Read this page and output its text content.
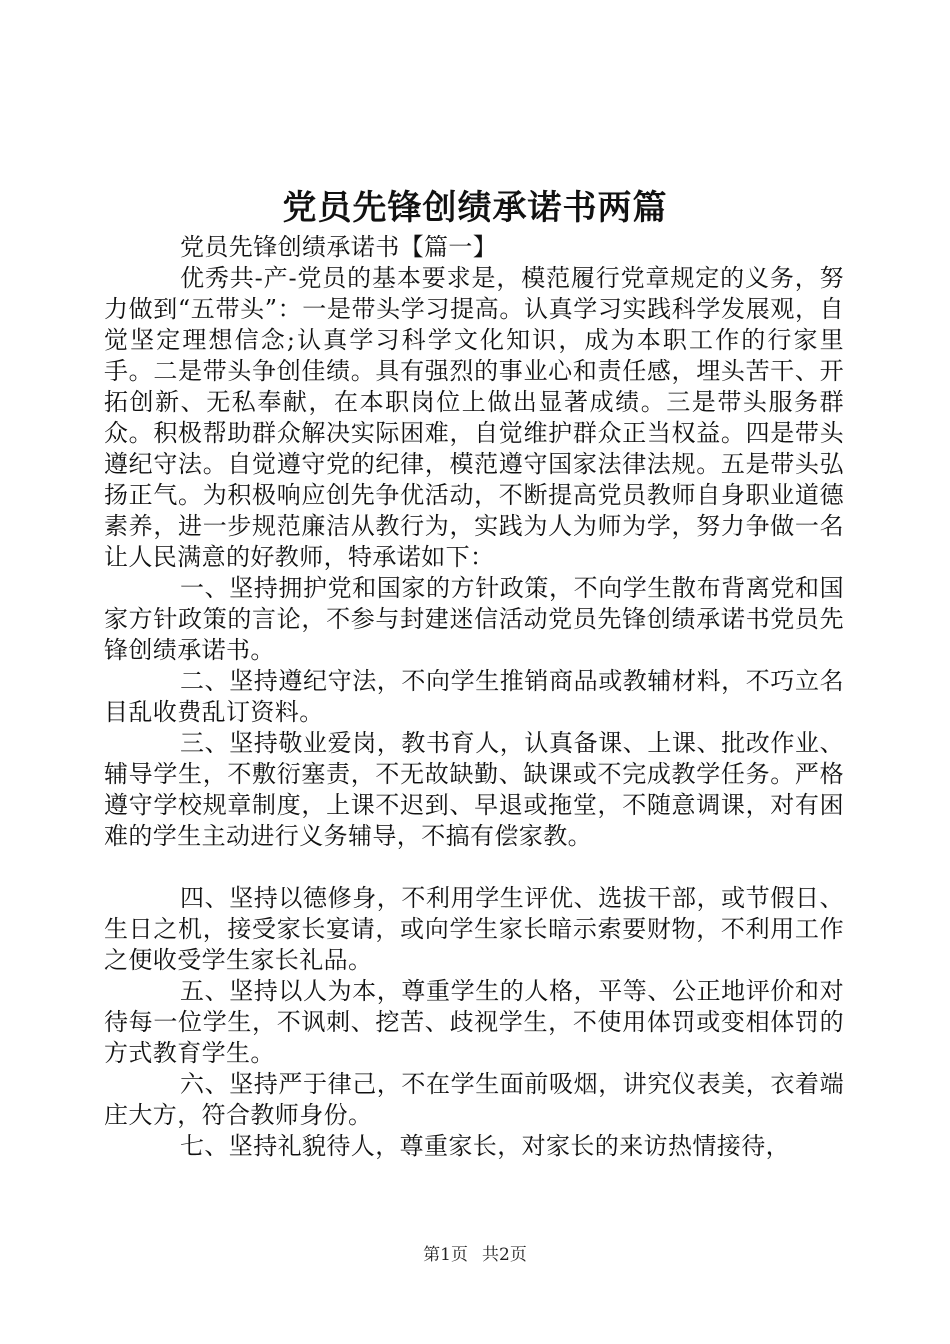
党员先锋创绩承诺书两篇

党员先锋创绩承诺书【篇一】

优秀共-产-党员的基本要求是，模范履行党章规定的义务，努力做到“五带头”：一是带头学习提高。认真学习实践科学发展观，自觉坚定理想信念;认真学习科学文化知识，成为本职工作的行家里手。二是带头争创佳绩。具有强烈的事业心和责任感，埋头苦干、开拓创新、无私奉献，在本职岗位上做出显著成绩。三是带头服务群众。积极帮助群众解决实际困难，自觉维护群众正当权益。四是带头遵纪守法。自觉遵守党的纪律，模范遵守国家法律法规。五是带头弘扬正气。为积极响应创先争优活动，不断提高党员教师自身职业道德素养，进一步规范廉洁从教行为，实践为人为师为学，努力争做一名让人民满意的好教师，特承诺如下：

一、坚持拥护党和国家的方针政策，不向学生散布背离党和国家方针政策的言论，不参与封建迷信活动党员先锋创绩承诺书党员先锋创绩承诺书。

二、坚持遵纪守法，不向学生推销商品或教辅材料，不巧立名目乱收费乱订资料。

三、坚持敬业爱岗，教书育人，认真备课、上课、批改作业、辅导学生，不敷衍塞责，不无故缺勤、缺课或不完成教学任务。严格遵守学校规章制度，上课不迟到、早退或拖堂，不随意调课，对有困难的学生主动进行义务辅导，不搞有偿家教。

四、坚持以德修身，不利用学生评优、选拔干部，或节假日、生日之机，接受家长宴请，或向学生家长暗示索要财物，不利用工作之便收受学生家长礼品。

五、坚持以人为本，尊重学生的人格，平等、公正地评价和对待每一位学生，不讽刺、挖苦、歧视学生，不使用体罚或变相体罚的方式教育学生。

六、坚持严于律己，不在学生面前吸烟，讲究仪表美，衣着端庄大方，符合教师身份。

七、坚持礼貌待人，尊重家长，对家长的来访热情接待，

第1页 共2页
